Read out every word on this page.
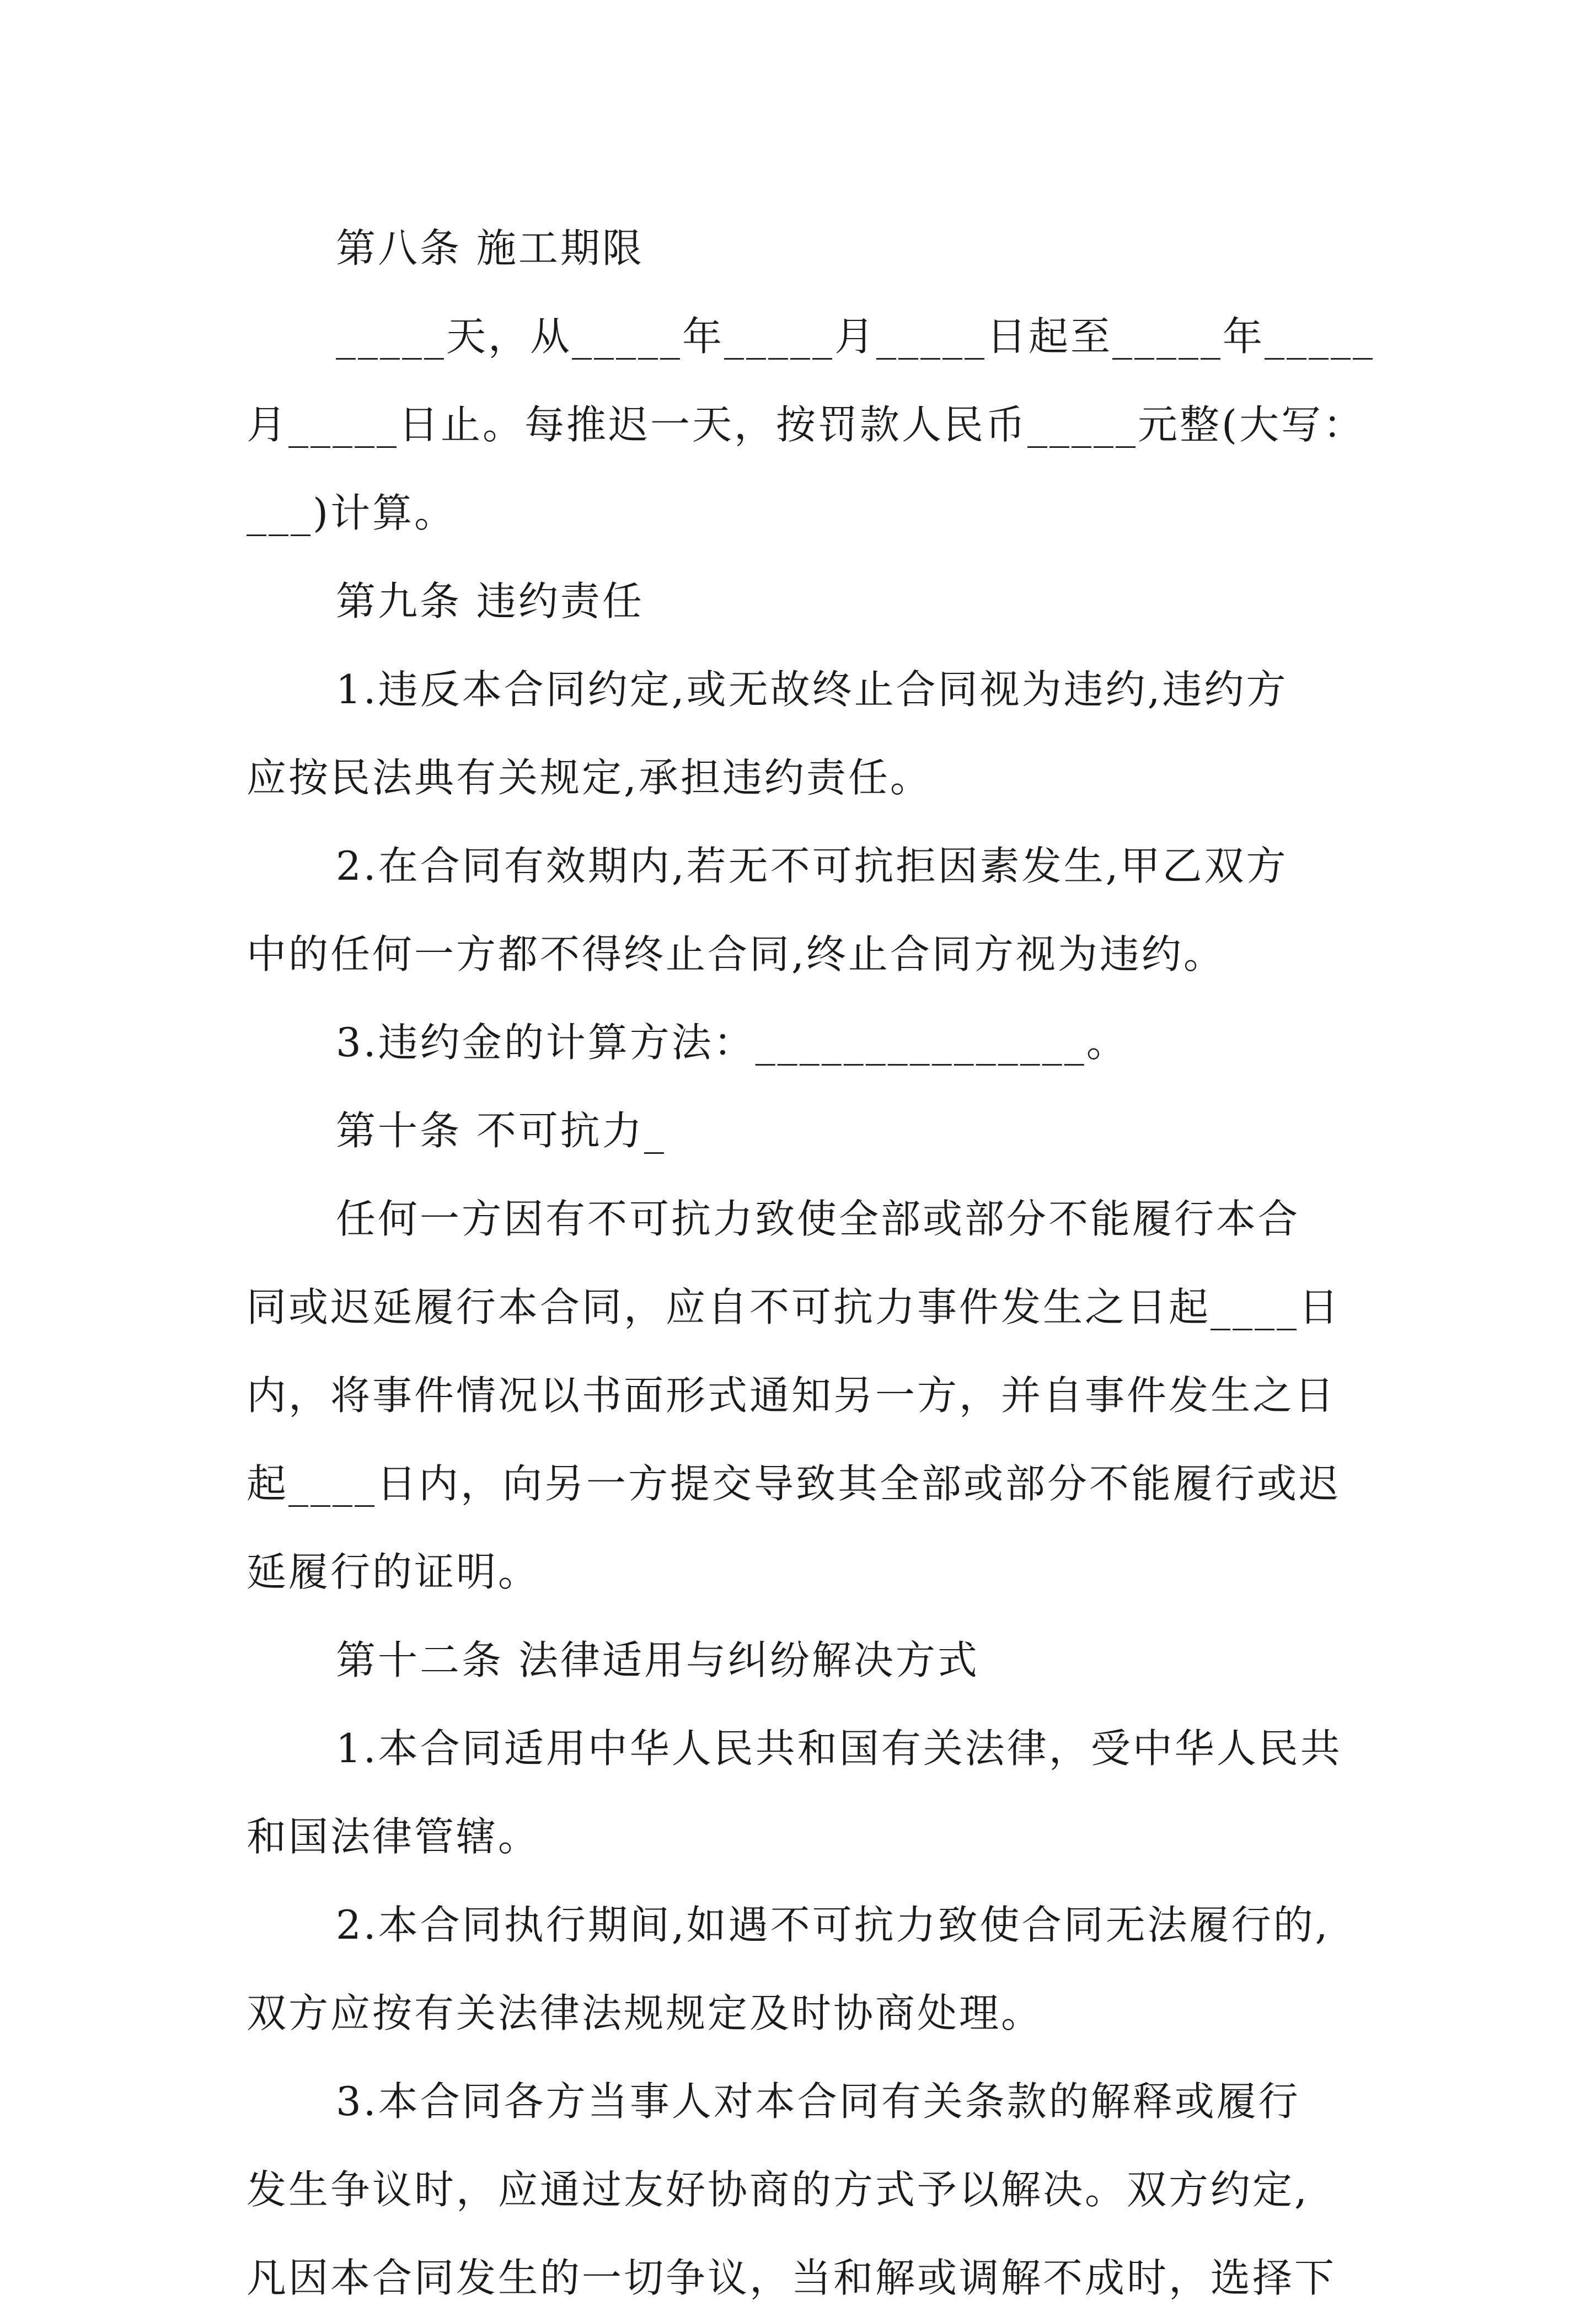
第八条 施工期限
_____天，从_____年_____月_____日起至_____年_____
月_____日止。每推迟一天，按罚款人民币_____元整(大写：
___)计算。
第九条 违约责任
1.违反本合同约定,或无故终止合同视为违约,违约方
应按民法典有关规定,承担违约责任。
2.在合同有效期内,若无不可抗拒因素发生,甲乙双方
中的任何一方都不得终止合同,终止合同方视为违约。
3.违约金的计算方法：_______________。
第十条 不可抗力_
任何一方因有不可抗力致使全部或部分不能履行本合
同或迟延履行本合同，应自不可抗力事件发生之日起____日
内，将事件情况以书面形式通知另一方，并自事件发生之日
起____日内，向另一方提交导致其全部或部分不能履行或迟
延履行的证明。
第十二条 法律适用与纠纷解决方式
1.本合同适用中华人民共和国有关法律，受中华人民共
和国法律管辖。
2.本合同执行期间,如遇不可抗力致使合同无法履行的,
双方应按有关法律法规规定及时协商处理。
3.本合同各方当事人对本合同有关条款的解释或履行
发生争议时，应通过友好协商的方式予以解决。双方约定,
凡因本合同发生的一切争议，当和解或调解不成时，选择下
